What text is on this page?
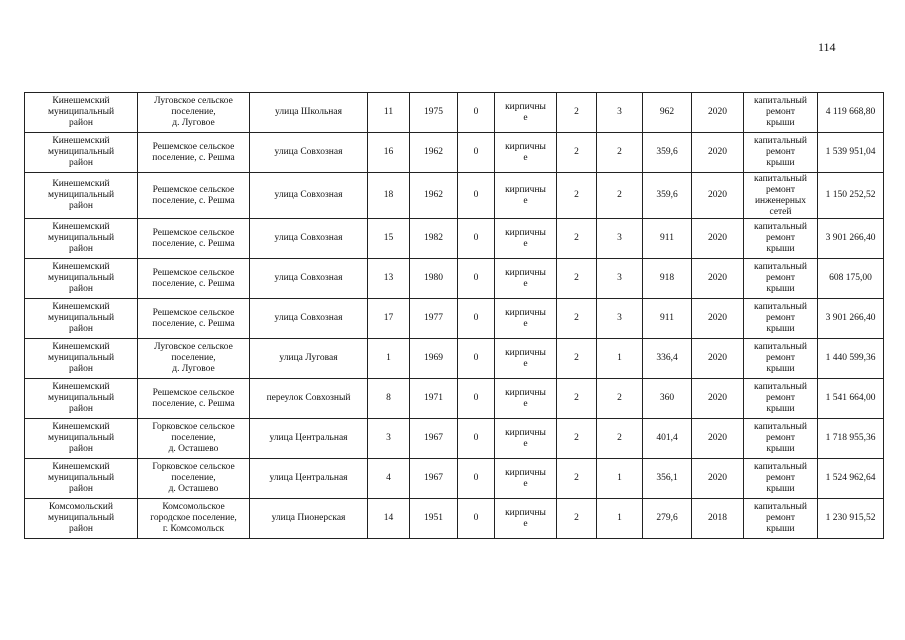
114
Кинешемский
муниципальный
район	Луговское сельское
поселение,
д. Луговое	улица Школьная	11	1975	0	кирпичны
е	2	3	962	2020	капитальный
ремонт
крыши	4 119 668,80
Кинешемский
муниципальный
район	Решемское сельское
поселение, с. Решма	улица Совхозная	16	1962	0	кирпичны
е	2	2	359,6	2020	капитальный
ремонт
крыши	1 539 951,04
Кинешемский
муниципальный
район	Решемское сельское
поселение, с. Решма	улица Совхозная	18	1962	0	кирпичны
е	2	2	359,6	2020	капитальный
ремонт
инженерных
сетей	1 150 252,52
Кинешемский
муниципальный
район	Решемское сельское
поселение, с. Решма	улица Совхозная	15	1982	0	кирпичны
е	2	3	911	2020	капитальный
ремонт
крыши	3 901 266,40
Кинешемский
муниципальный
район	Решемское сельское
поселение, с. Решма	улица Совхозная	13	1980	0	кирпичны
е	2	3	918	2020	капитальный
ремонт
крыши	608 175,00
Кинешемский
муниципальный
район	Решемское сельское
поселение, с. Решма	улица Совхозная	17	1977	0	кирпичны
е	2	3	911	2020	капитальный
ремонт
крыши	3 901 266,40
Кинешемский
муниципальный
район	Луговское сельское
поселение,
д. Луговое	улица Луговая	1	1969	0	кирпичны
е	2	1	336,4	2020	капитальный
ремонт
крыши	1 440 599,36
Кинешемский
муниципальный
район	Решемское сельское
поселение, с. Решма	переулок Совхозный	8	1971	0	кирпичны
е	2	2	360	2020	капитальный
ремонт
крыши	1 541 664,00
Кинешемский
муниципальный
район	Горковское сельское
поселение,
д. Осташево	улица Центральная	3	1967	0	кирпичны
е	2	2	401,4	2020	капитальный
ремонт
крыши	1 718 955,36
Кинешемский
муниципальный
район	Горковское сельское
поселение,
д. Осташево	улица Центральная	4	1967	0	кирпичны
е	2	1	356,1	2020	капитальный
ремонт
крыши	1 524 962,64
Комсомольский
муниципальный
район	Комсомольское
городское поселение,
г. Комсомольск	улица Пионерская	14	1951	0	кирпичны
е	2	1	279,6	2018	капитальный
ремонт
крыши	1 230 915,52
